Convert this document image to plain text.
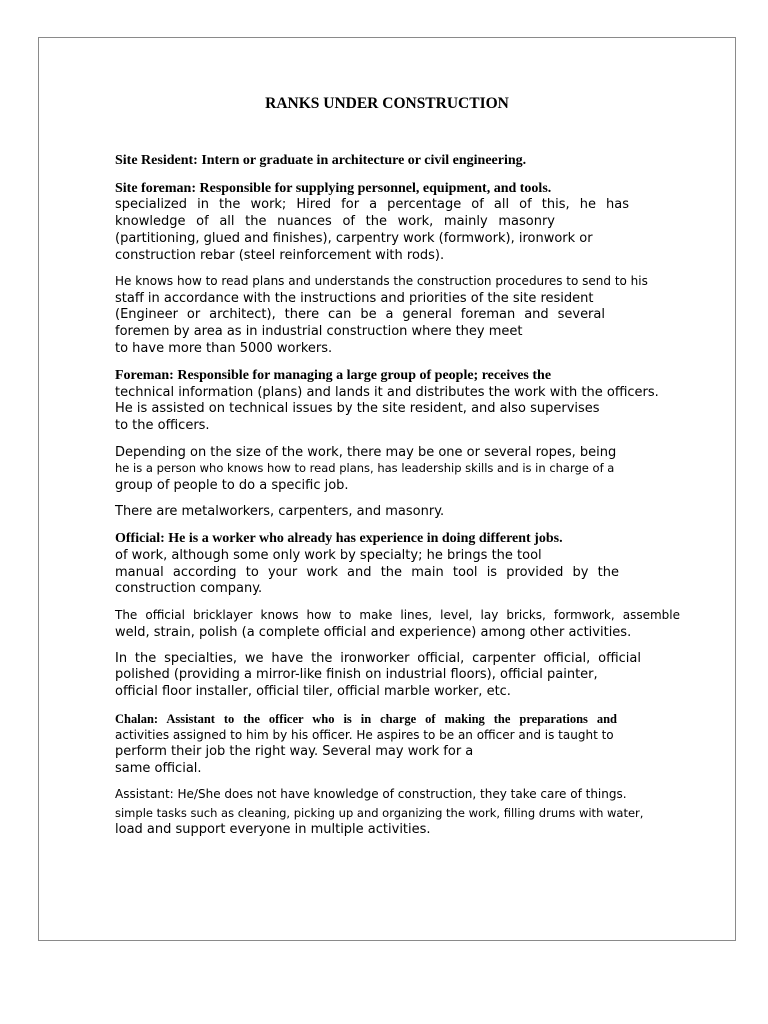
RANKS UNDER CONSTRUCTION
Site Resident: Intern or graduate in architecture or civil engineering.
Site foreman: Responsible for supplying personnel, equipment, and tools.
specialized in the work; Hired for a percentage of all of this, he has
knowledge of all the nuances of the work, mainly masonry
(partitioning, glued and finishes), carpentry work (formwork), ironwork or
construction rebar (steel reinforcement with rods).
He knows how to read plans and understands the construction procedures to send to his
staff in accordance with the instructions and priorities of the site resident
(Engineer or architect), there can be a general foreman and several
foremen by area as in industrial construction where they meet
to have more than 5000 workers.
Foreman: Responsible for managing a large group of people; receives the
technical information (plans) and lands it and distributes the work with the officers.
He is assisted on technical issues by the site resident, and also supervises
to the officers.
Depending on the size of the work, there may be one or several ropes, being
he is a person who knows how to read plans, has leadership skills and is in charge of a
group of people to do a specific job.
There are metalworkers, carpenters, and masonry.
Official: He is a worker who already has experience in doing different jobs.
of work, although some only work by specialty; he brings the tool
manual according to your work and the main tool is provided by the
construction company.
The official bricklayer knows how to make lines, level, lay bricks, formwork, assemble
weld, strain, polish (a complete official and experience) among other activities.
In the specialties, we have the ironworker official, carpenter official, official
polished (providing a mirror-like finish on industrial floors), official painter,
official floor installer, official tiler, official marble worker, etc.
Chalan: Assistant to the officer who is in charge of making the preparations and
activities assigned to him by his officer. He aspires to be an officer and is taught to
perform their job the right way. Several may work for a
same official.
Assistant: He/She does not have knowledge of construction, they take care of things.
simple tasks such as cleaning, picking up and organizing the work, filling drums with water,
load and support everyone in multiple activities.
